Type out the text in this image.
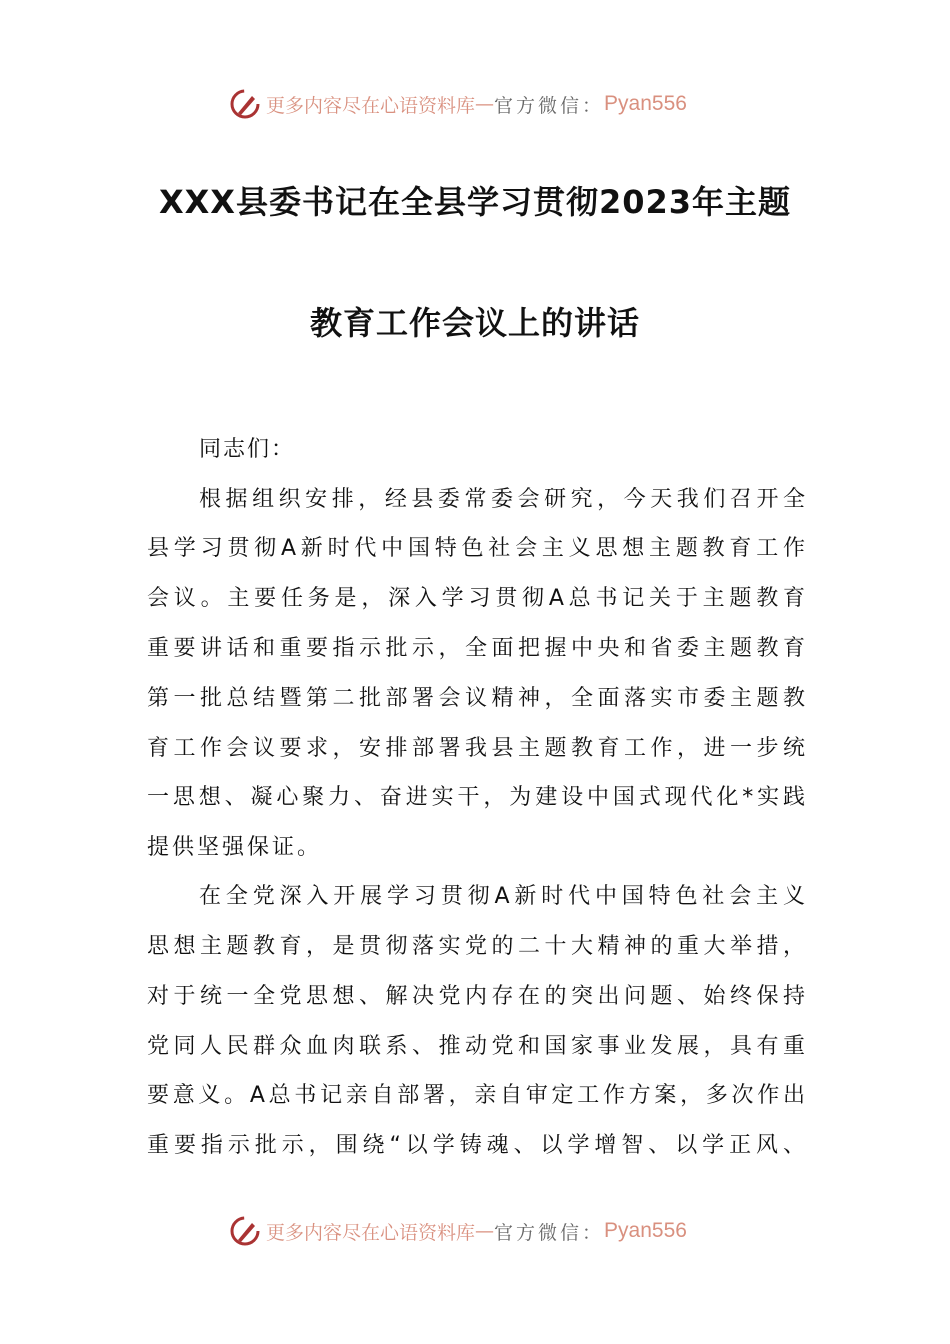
更多内容尽在心语资料库 — 官方微信： Pyan556
XXX县委书记在全县学习贯彻2023年主题
教育工作会议上的讲话
同志们：
根据组织安排，经县委常委会研究，今天我们召开全
县学习贯彻A新时代中国特色社会主义思想主题教育工作
会议。主要任务是，深入学习贯彻A总书记关于主题教育
重要讲话和重要指示批示，全面把握中央和省委主题教育
第一批总结暨第二批部署会议精神，全面落实市委主题教
育工作会议要求，安排部署我县主题教育工作，进一步统
一思想、凝心聚力、奋进实干，为建设中国式现代化*实践
提供坚强保证。
在全党深入开展学习贯彻A新时代中国特色社会主义
思想主题教育，是贯彻落实党的二十大精神的重大举措，
对于统一全党思想、解决党内存在的突出问题、始终保持
党同人民群众血肉联系、推动党和国家事业发展，具有重
要意义。A总书记亲自部署，亲自审定工作方案，多次作出
重要指示批示，围绕“以学铸魂、以学增智、以学正风、
更多内容尽在心语资料库 — 官方微信： Pyan556
